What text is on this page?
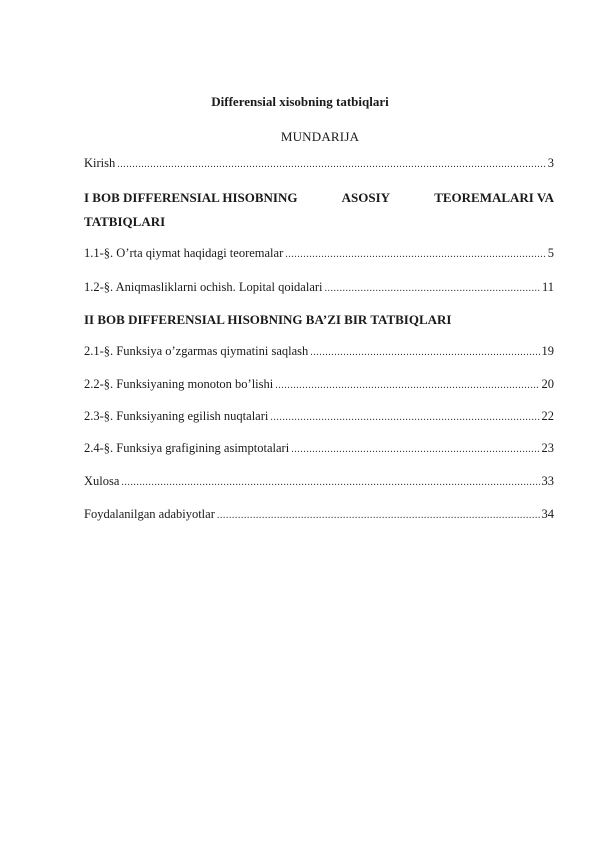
Differensial xisobning tatbiqlari
MUNDARIJA
Kirish .....	3
I BOB DIFFERENSIAL HISOBNING	ASOSIY	TEOREMALARI VA
TATBIQLARI
1.1-§. O’rta qiymat haqidagi teoremalar .....	5
1.2-§. Aniqmasliklarni ochish. Lopital qoidalari .....	11
II BOB DIFFERENSIAL HISOBNING BA’ZI BIR TATBIQLARI
2.1-§. Funksiya o’zgarmas qiymatini saqlash .....	19
2.2-§. Funksiyaning monoton bo’lishi .....	20
2.3-§. Funksiyaning egilish nuqtalari .....	22
2.4-§. Funksiya grafigining asimptotalari .....	23
Xulosa .....	33
Foydalanilgan adabiyotlar .....	34
